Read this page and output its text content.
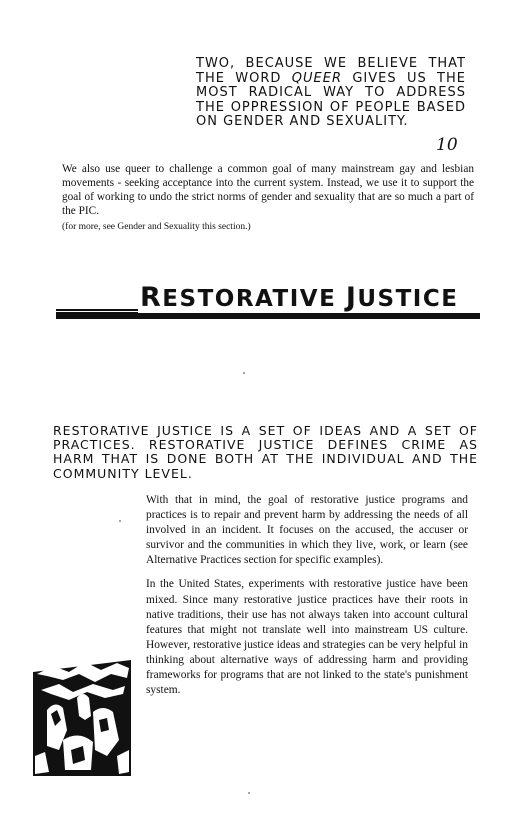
TWO, BECAUSE WE BELIEVE THAT THE WORD QUEER GIVES US THE MOST RADICAL WAY TO ADDRESS THE OPPRESSION OF PEOPLE BASED ON GENDER AND SEXUALITY.
10

We also use queer to challenge a common goal of many mainstream gay and lesbian movements - seeking acceptance into the current system. Instead, we use it to support the goal of working to undo the strict norms of gender and sexuality that are so much a part of the PIC.

(for more, see Gender and Sexuality this section.)

RESTORATIVE JUSTICE
RESTORATIVE JUSTICE IS A SET OF IDEAS AND A SET OF PRACTICES. RESTORATIVE JUSTICE DEFINES CRIME AS HARM THAT IS DONE BOTH AT THE INDIVIDUAL AND THE COMMUNITY LEVEL.

With that in mind, the goal of restorative justice programs and practices is to repair and prevent harm by addressing the needs of all involved in an incident. It focuses on the accused, the accuser or survivor and the communities in which they live, work, or learn (see Alternative Practices section for specific examples).

In the United States, experiments with restorative justice have been mixed. Since many restorative justice practices have their roots in native traditions, their use has not always taken into account cultural features that might not translate well into mainstream US culture. However, restorative justice ideas and strategies can be very helpful in thinking about alternative ways of addressing harm and providing frameworks for programs that are not linked to the state's punishment system.
